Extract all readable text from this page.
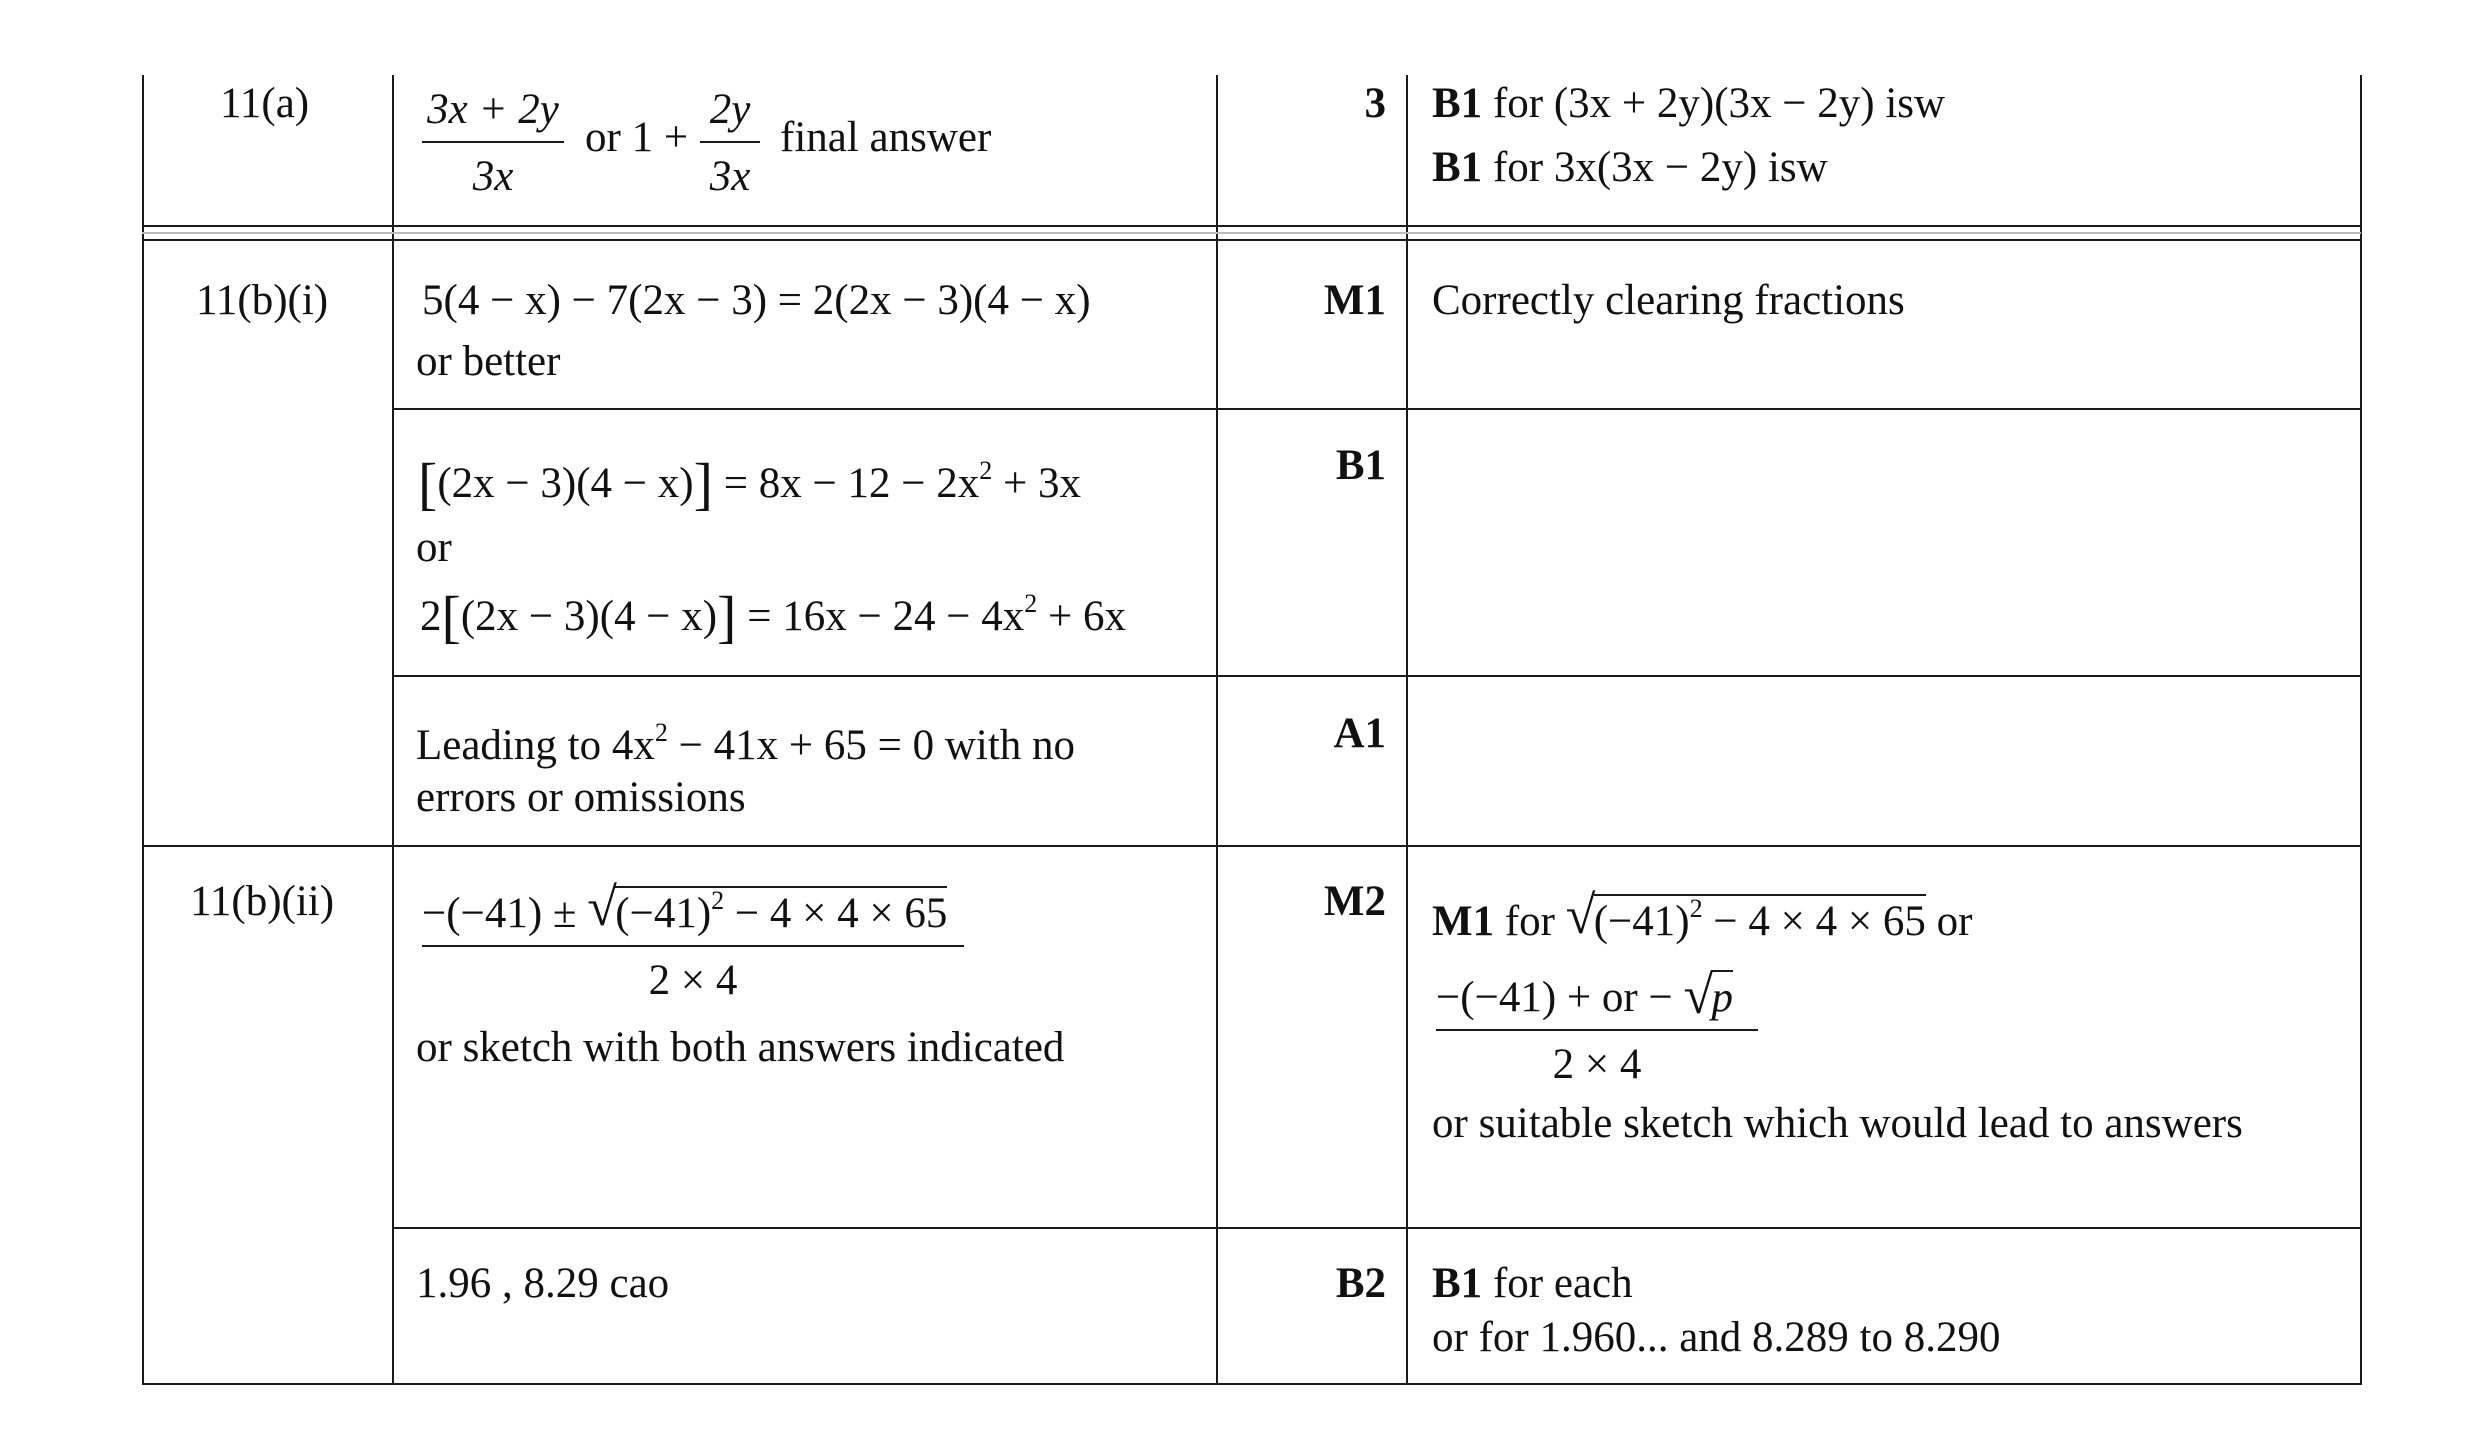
11(a)	3x + 2y
3x
or 1 +
2y
3x
final answer
3 B1 for (3x + 2y)(3x − 2y) isw
B1 for 3x(3x − 2y) isw
11(b)(i) 5(4 − x) − 7(2x − 3) = 2(2x − 3)(4 − x)
or better
M1 Correctly clearing fractions
$[(2x - 3)(4 - x)] = 8x - 12 - 2x^2 + 3x$
or
$2[(2x - 3)(4 - x)] = 16x - 24 - 4x^2 + 6x$
B1
Leading to $4x^2 - 41x + 65 = 0$ with no
errors or omissions
A1
11(b)(ii) −(−41) ± √
$(-41)^2 - 4 \times 4 \times 65$
2 × 4
or sketch with both answers indicated
M2 M1 for √
$(-41)^2 - 4 \times 4 \times 65$ or
−(−41) + or − √
p
2 × 4
or suitable sketch which would lead to answers
1.96 , 8.29 cao	B2 B1 for each
or for 1.960... and 8.289 to 8.290
